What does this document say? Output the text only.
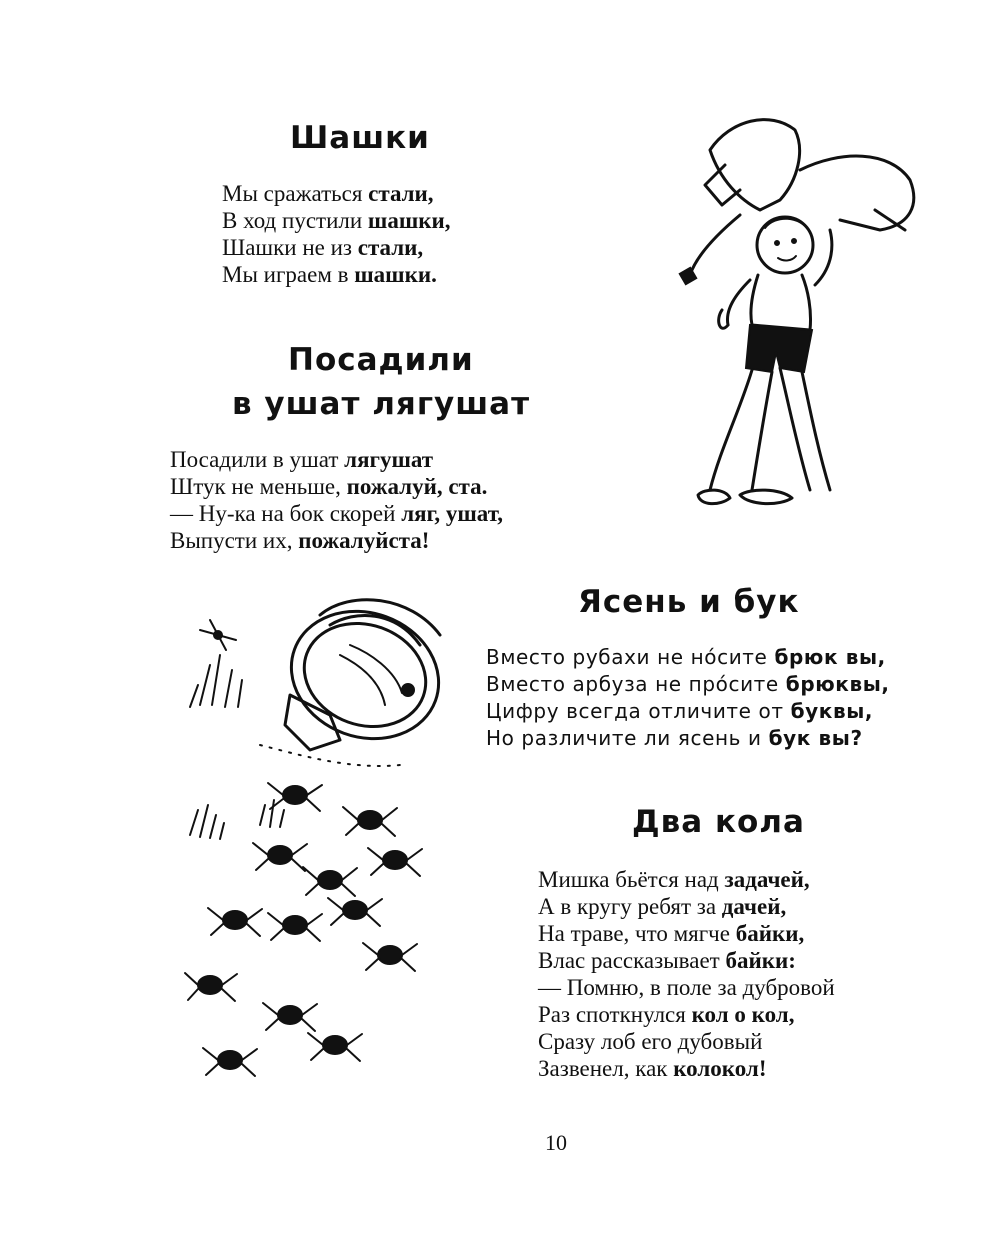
Шашки
Мы сражаться стали,
В ход пустили шашки,
Шашки не из стали,
Мы играем в шашки.
Посадили
в ушат лягушат
Посадили в ушат лягушат
Штук не меньше, пожалуй, ста.
— Ну-ка на бок скорей ляг, ушат,
Выпусти их, пожалуйста!
Ясень и бук
Вместо рубахи не но́сите брюк вы,
Вместо арбуза не про́сите брюквы,
Цифру всегда отличите от буквы,
Но различите ли ясень и бук вы?
Два кола
Мишка бьётся над задачей,
А в кругу ребят за дачей,
На траве, что мягче байки,
Влас рассказывает байки:
— Помню, в поле за дубровой
Раз споткнулся кол о кол,
Сразу лоб его дубовый
Зазвенел, как колокол!
10
